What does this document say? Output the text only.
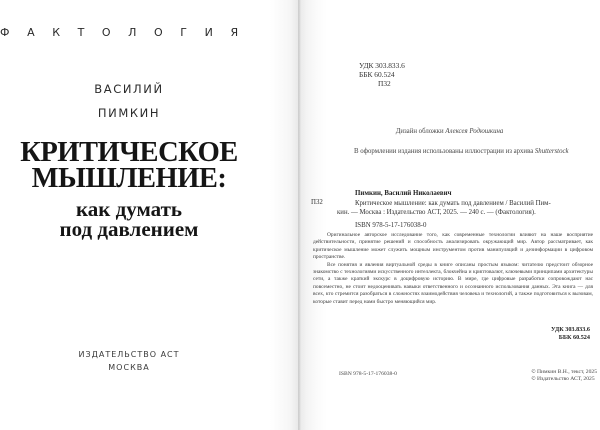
ФАКТОЛОГИЯ
ВАСИЛИЙ
ПИМКИН
КРИТИЧЕСКОЕ
МЫШЛЕНИЕ:
как думать
под давлением
ИЗДАТЕЛЬСТВО АСТ
МОСКВА
УДК 303.833.6
ББК 60.524
П32
Дизайн обложки Алексея Родюшкина
В оформлении издания использованы иллюстрации из архива Shutterstock
Пимкин, Василий Николаевич
П32	Критическое мышление: как думать под давлением / Василий Пим-
кин. — Москва : Издательство АСТ, 2025. — 240 с. — (Фактология).
ISBN 978-5-17-176038-0

Оригинальное авторское исследование того, как современные технологии влияют на наше восприятие действительности, принятие решений и способность анализировать окружающий мир. Автор рассматривает, как критическое мышление может служить мощным инструментом против манипуляций и дезинформации в цифровом пространстве.

Все понятия и явления виртуальной среды в книге описаны простым языком: читателю предстоит обзорное знакомство с технологиями искусственного интеллекта, блокчейна и криптовалют, ключевыми принципами архитектуры сети, а также краткий экскурс в доцифровую историю. В мире, где цифровые разработки сопровождают нас повсеместно, не стоит недооценивать навыки ответственного и осознанного использования данных. Эта книга — для всех, кто стремится разобраться в сложностях взаимодействия человека и технологий, а также подготовиться к вызовам, которые ставит перед нами быстро меняющийся мир.

УДК 303.833.6
ББК 60.524
ISBN 978-5-17-176038-0	© Пимкин В.Н., текст, 2025
© Издательство АСТ, 2025
